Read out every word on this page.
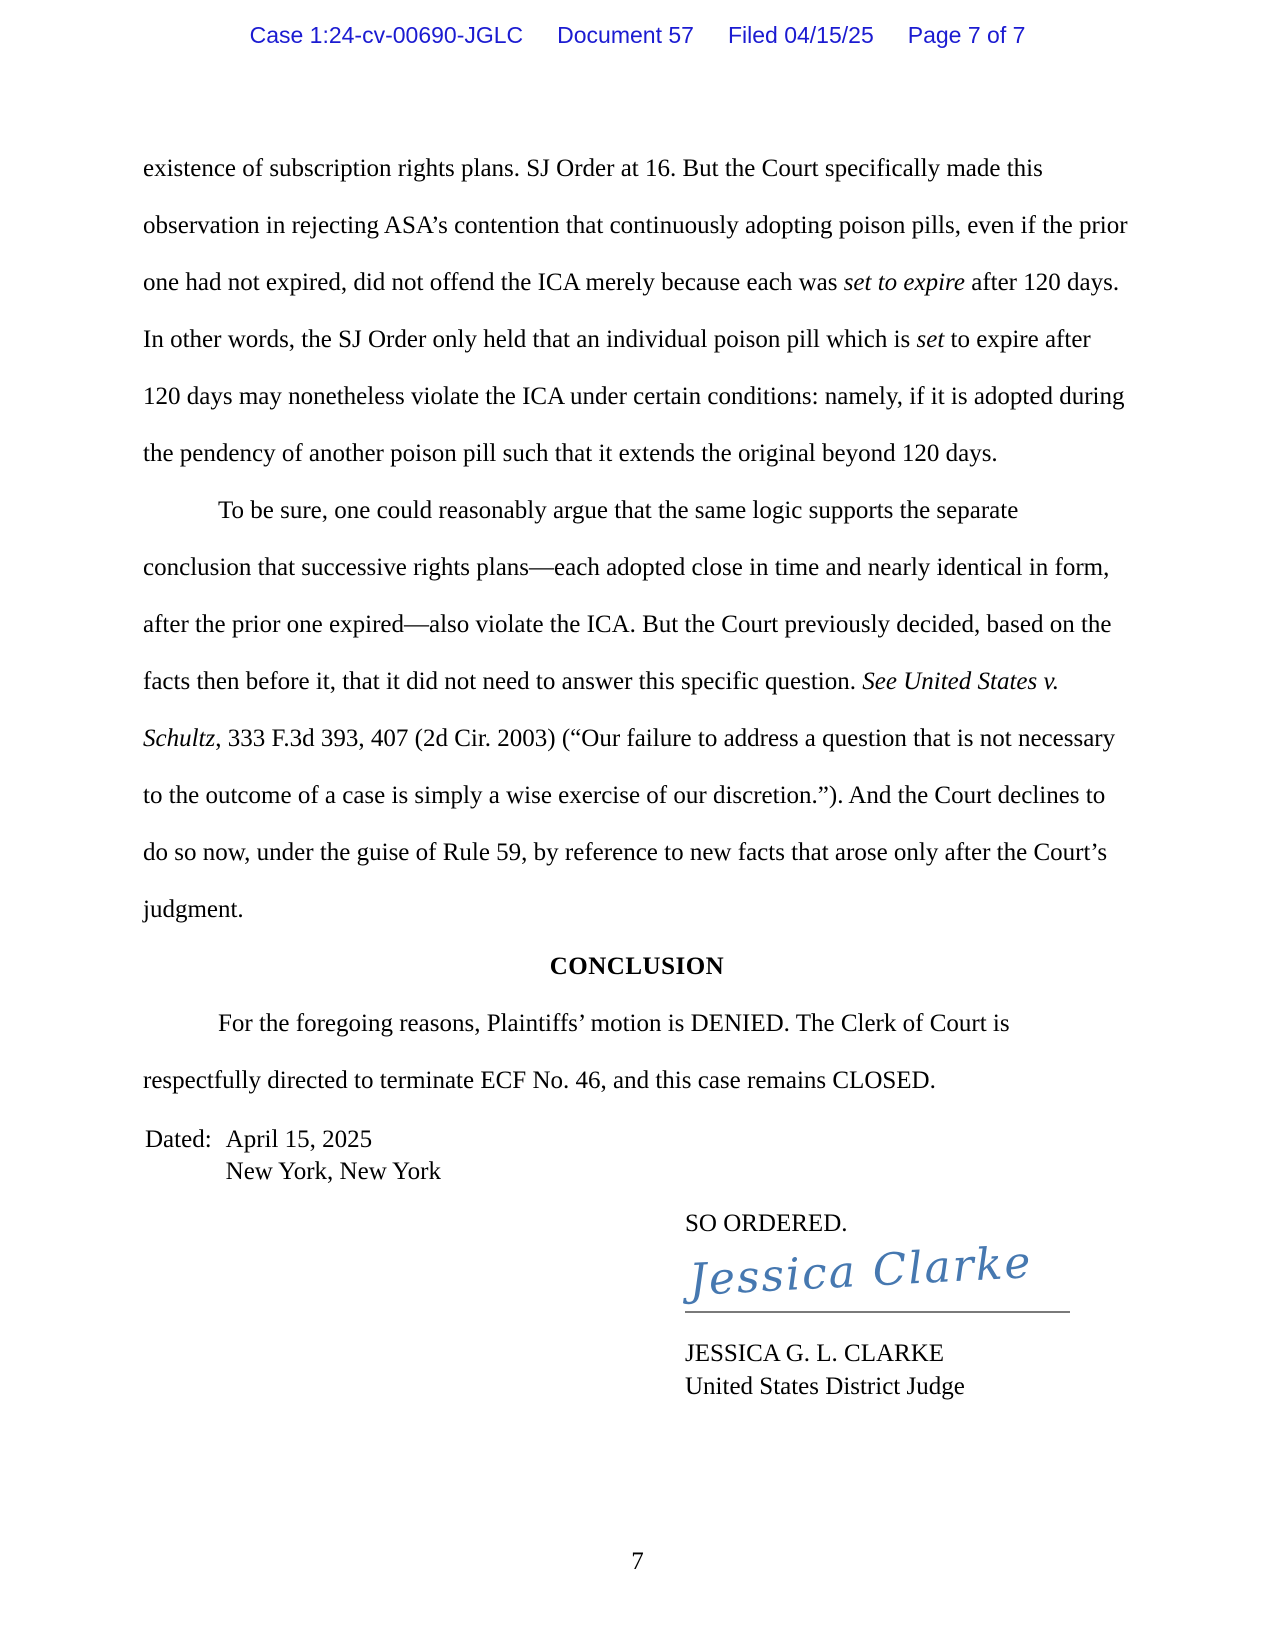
Case 1:24-cv-00690-JGLC Document 57 Filed 04/15/25 Page 7 of 7

existence of subscription rights plans. SJ Order at 16. But the Court specifically made this observation in rejecting ASA’s contention that continuously adopting poison pills, even if the prior one had not expired, did not offend the ICA merely because each was set to expire after 120 days. In other words, the SJ Order only held that an individual poison pill which is set to expire after 120 days may nonetheless violate the ICA under certain conditions: namely, if it is adopted during the pendency of another poison pill such that it extends the original beyond 120 days.

To be sure, one could reasonably argue that the same logic supports the separate conclusion that successive rights plans—each adopted close in time and nearly identical in form, after the prior one expired—also violate the ICA. But the Court previously decided, based on the facts then before it, that it did not need to answer this specific question. See United States v. Schultz, 333 F.3d 393, 407 (2d Cir. 2003) (“Our failure to address a question that is not necessary to the outcome of a case is simply a wise exercise of our discretion.”). And the Court declines to do so now, under the guise of Rule 59, by reference to new facts that arose only after the Court’s judgment.

CONCLUSION

For the foregoing reasons, Plaintiffs’ motion is DENIED. The Clerk of Court is respectfully directed to terminate ECF No. 46, and this case remains CLOSED.

Dated: April 15, 2025
New York, New York
SO ORDERED.
Jessica Clarke
JESSICA G. L. CLARKE
United States District Judge
7
